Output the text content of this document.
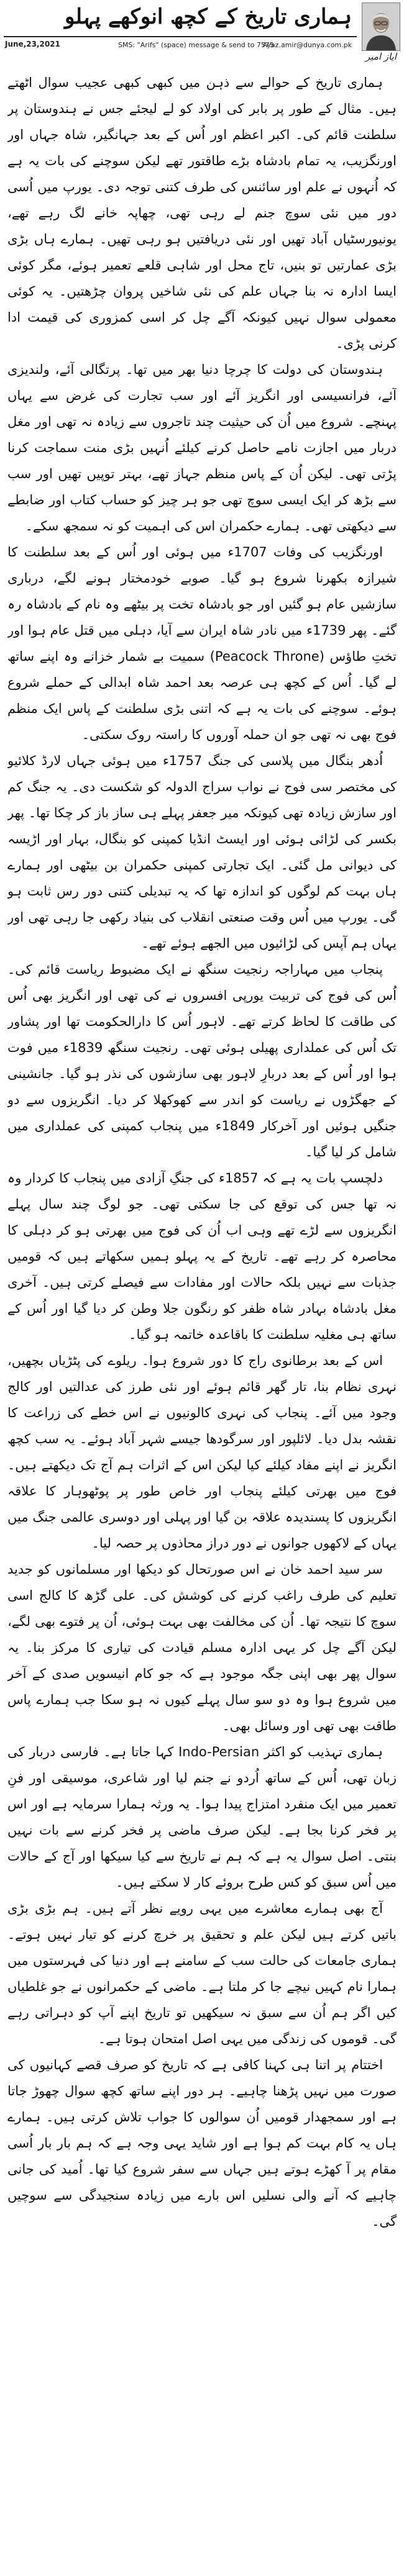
ایاز امیر
ہماری تاریخ کے کچھ انوکھے پہلو
June,23,2021	SMS: "Arifs" (space) message & send to 7575
Ayaz.amir@dunya.com.pk

ہماری تاریخ کے حوالے سے ذہن میں کبھی کبھی عجیب سوال اٹھتے ہیں۔ مثال کے طور پر بابر کی اولاد کو لے لیجئے جس نے ہندوستان پر سلطنت قائم کی۔ اکبر اعظم اور اُس کے بعد جہانگیر، شاہ جہاں اور اورنگزیب، یہ تمام بادشاہ بڑے طاقتور تھے لیکن سوچنے کی بات یہ ہے کہ اُنہوں نے علم اور سائنس کی طرف کتنی توجہ دی۔ یورپ میں اُسی دور میں نئی سوچ جنم لے رہی تھی، چھاپہ خانے لگ رہے تھے، یونیورسٹیاں آباد تھیں اور نئی دریافتیں ہو رہی تھیں۔ ہمارے ہاں بڑی بڑی عمارتیں تو بنیں، تاج محل اور شاہی قلعے تعمیر ہوئے، مگر کوئی ایسا ادارہ نہ بنا جہاں علم کی نئی شاخیں پروان چڑھتیں۔ یہ کوئی معمولی سوال نہیں کیونکہ آگے چل کر اسی کمزوری کی قیمت ادا کرنی پڑی۔

ہندوستان کی دولت کا چرچا دنیا بھر میں تھا۔ پرتگالی آئے، ولندیزی آئے، فرانسیسی اور انگریز آئے اور سب تجارت کی غرض سے یہاں پہنچے۔ شروع میں اُن کی حیثیت چند تاجروں سے زیادہ نہ تھی اور مغل دربار میں اجازت نامے حاصل کرنے کیلئے اُنہیں بڑی منت سماجت کرنا پڑتی تھی۔ لیکن اُن کے پاس منظم جہاز تھے، بہتر توپیں تھیں اور سب سے بڑھ کر ایک ایسی سوچ تھی جو ہر چیز کو حساب کتاب اور ضابطے سے دیکھتی تھی۔ ہمارے حکمران اس کی اہمیت کو نہ سمجھ سکے۔

اورنگزیب کی وفات 1707ء میں ہوئی اور اُس کے بعد سلطنت کا شیرازہ بکھرنا شروع ہو گیا۔ صوبے خودمختار ہونے لگے، درباری سازشیں عام ہو گئیں اور جو بادشاہ تخت پر بیٹھے وہ نام کے بادشاہ رہ گئے۔ پھر 1739ء میں نادر شاہ ایران سے آیا، دہلی میں قتل عام ہوا اور تختِ طاؤس (Peacock Throne) سمیت بے شمار خزانے وہ اپنے ساتھ لے گیا۔ اُس کے کچھ ہی عرصہ بعد احمد شاہ ابدالی کے حملے شروع ہوئے۔ سوچنے کی بات یہ ہے کہ اتنی بڑی سلطنت کے پاس ایک منظم فوج بھی نہ تھی جو ان حملہ آوروں کا راستہ روک سکتی۔

اُدھر بنگال میں پلاسی کی جنگ 1757ء میں ہوئی جہاں لارڈ کلائیو کی مختصر سی فوج نے نواب سراج الدولہ کو شکست دی۔ یہ جنگ کم اور سازش زیادہ تھی کیونکہ میر جعفر پہلے ہی ساز باز کر چکا تھا۔ پھر بکسر کی لڑائی ہوئی اور ایسٹ انڈیا کمپنی کو بنگال، بہار اور اڑیسہ کی دیوانی مل گئی۔ ایک تجارتی کمپنی حکمران بن بیٹھی اور ہمارے ہاں بہت کم لوگوں کو اندازہ تھا کہ یہ تبدیلی کتنی دور رس ثابت ہو گی۔ یورپ میں اُس وقت صنعتی انقلاب کی بنیاد رکھی جا رہی تھی اور یہاں ہم آپس کی لڑائیوں میں الجھے ہوئے تھے۔

پنجاب میں مہاراجہ رنجیت سنگھ نے ایک مضبوط ریاست قائم کی۔ اُس کی فوج کی تربیت یورپی افسروں نے کی تھی اور انگریز بھی اُس کی طاقت کا لحاظ کرتے تھے۔ لاہور اُس کا دارالحکومت تھا اور پشاور تک اُس کی عملداری پھیلی ہوئی تھی۔ رنجیت سنگھ 1839ء میں فوت ہوا اور اُس کے بعد دربارِ لاہور بھی سازشوں کی نذر ہو گیا۔ جانشینی کے جھگڑوں نے ریاست کو اندر سے کھوکھلا کر دیا۔ انگریزوں سے دو جنگیں ہوئیں اور آخرکار 1849ء میں پنجاب کمپنی کی عملداری میں شامل کر لیا گیا۔

دلچسپ بات یہ ہے کہ 1857ء کی جنگِ آزادی میں پنجاب کا کردار وہ نہ تھا جس کی توقع کی جا سکتی تھی۔ جو لوگ چند سال پہلے انگریزوں سے لڑے تھے وہی اب اُن کی فوج میں بھرتی ہو کر دہلی کا محاصرہ کر رہے تھے۔ تاریخ کے یہ پہلو ہمیں سکھاتے ہیں کہ قومیں جذبات سے نہیں بلکہ حالات اور مفادات سے فیصلے کرتی ہیں۔ آخری مغل بادشاہ بہادر شاہ ظفر کو رنگون جلا وطن کر دیا گیا اور اُس کے ساتھ ہی مغلیہ سلطنت کا باقاعدہ خاتمہ ہو گیا۔

اس کے بعد برطانوی راج کا دور شروع ہوا۔ ریلوے کی پٹڑیاں بچھیں، نہری نظام بنا، تار گھر قائم ہوئے اور نئی طرز کی عدالتیں اور کالج وجود میں آئے۔ پنجاب کی نہری کالونیوں نے اس خطے کی زراعت کا نقشہ بدل دیا۔ لائلپور اور سرگودھا جیسے شہر آباد ہوئے۔ یہ سب کچھ انگریز نے اپنے مفاد کیلئے کیا لیکن اس کے اثرات ہم آج تک دیکھتے ہیں۔ فوج میں بھرتی کیلئے پنجاب اور خاص طور پر پوٹھوہار کا علاقہ انگریزوں کا پسندیدہ علاقہ بن گیا اور پہلی اور دوسری عالمی جنگ میں یہاں کے لاکھوں جوانوں نے دور دراز محاذوں پر حصہ لیا۔

سر سید احمد خان نے اس صورتحال کو دیکھا اور مسلمانوں کو جدید تعلیم کی طرف راغب کرنے کی کوشش کی۔ علی گڑھ کا کالج اسی سوچ کا نتیجہ تھا۔ اُن کی مخالفت بھی بہت ہوئی، اُن پر فتوے بھی لگے، لیکن آگے چل کر یہی ادارہ مسلم قیادت کی تیاری کا مرکز بنا۔ یہ سوال پھر بھی اپنی جگہ موجود ہے کہ جو کام انیسویں صدی کے آخر میں شروع ہوا وہ دو سو سال پہلے کیوں نہ ہو سکا جب ہمارے پاس طاقت بھی تھی اور وسائل بھی۔

ہماری تہذیب کو اکثر Indo-Persian کہا جاتا ہے۔ فارسی دربار کی زبان تھی، اُس کے ساتھ اُردو نے جنم لیا اور شاعری، موسیقی اور فنِ تعمیر میں ایک منفرد امتزاج پیدا ہوا۔ یہ ورثہ ہمارا سرمایہ ہے اور اس پر فخر کرنا بجا ہے۔ لیکن صرف ماضی پر فخر کرنے سے بات نہیں بنتی۔ اصل سوال یہ ہے کہ ہم نے تاریخ سے کیا سیکھا اور آج کے حالات میں اُس سبق کو کس طرح بروئے کار لا سکتے ہیں۔

آج بھی ہمارے معاشرے میں یہی رویے نظر آتے ہیں۔ ہم بڑی بڑی باتیں کرتے ہیں لیکن علم و تحقیق پر خرچ کرنے کو تیار نہیں ہوتے۔ ہماری جامعات کی حالت سب کے سامنے ہے اور دنیا کی فہرستوں میں ہمارا نام کہیں نیچے جا کر ملتا ہے۔ ماضی کے حکمرانوں نے جو غلطیاں کیں اگر ہم اُن سے سبق نہ سیکھیں تو تاریخ اپنے آپ کو دہراتی رہے گی۔ قوموں کی زندگی میں یہی اصل امتحان ہوتا ہے۔

اختتام پر اتنا ہی کہنا کافی ہے کہ تاریخ کو صرف قصے کہانیوں کی صورت میں نہیں پڑھنا چاہیے۔ ہر دور اپنے ساتھ کچھ سوال چھوڑ جاتا ہے اور سمجھدار قومیں اُن سوالوں کا جواب تلاش کرتی ہیں۔ ہمارے ہاں یہ کام بہت کم ہوا ہے اور شاید یہی وجہ ہے کہ ہم بار بار اُسی مقام پر آ کھڑے ہوتے ہیں جہاں سے سفر شروع کیا تھا۔ اُمید کی جانی چاہیے کہ آنے والی نسلیں اس بارے میں زیادہ سنجیدگی سے سوچیں گی۔
